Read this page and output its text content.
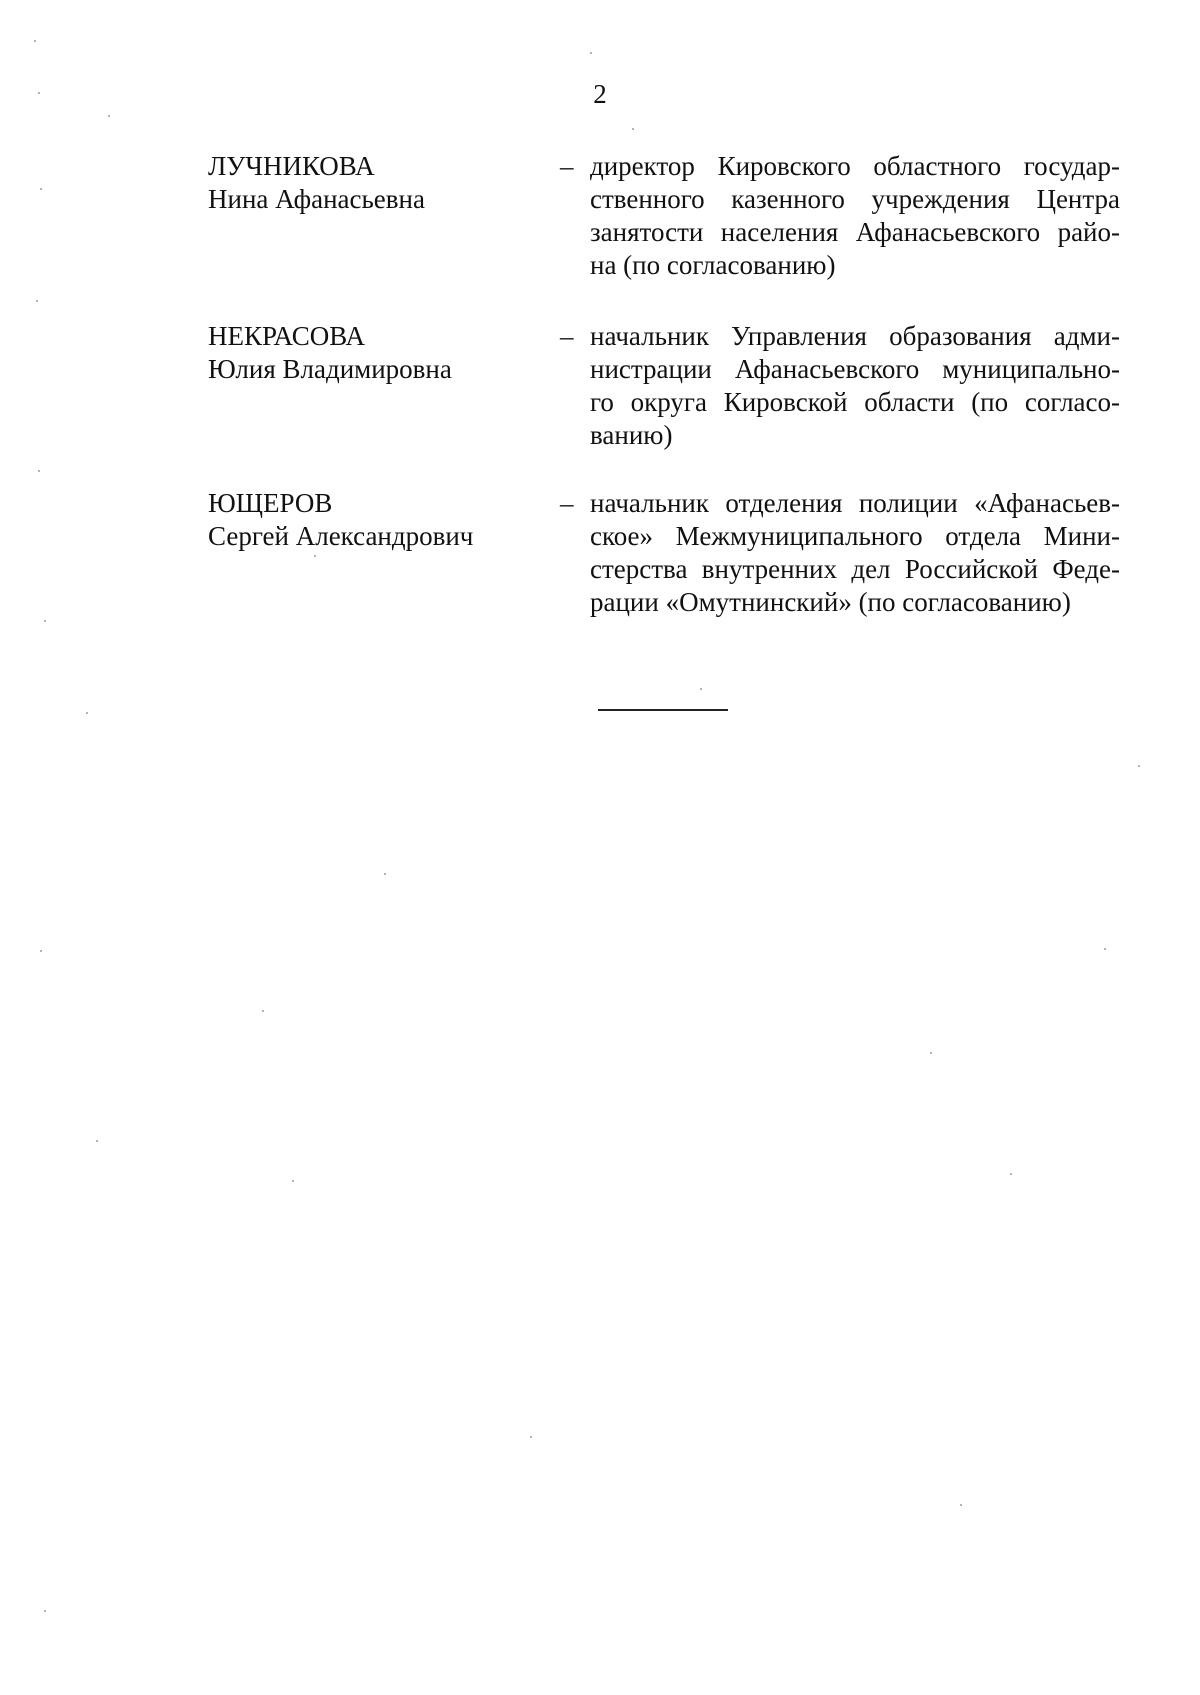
2
ЛУЧНИКОВА
Нина Афанасьевна
– директор Кировского областного государ-
ственного казенного учреждения Центра
занятости населения Афанасьевского райо-
на (по согласованию)

НЕКРАСОВА
Юлия Владимировна
– начальник Управления образования адми-
нистрации Афанасьевского муниципально-
го округа Кировской области (по согласо-
ванию)

ЮЩЕРОВ
Сергей Александрович
– начальник отделения полиции «Афанасьев-
ское» Межмуниципального отдела Мини-
стерства внутренних дел Российской Феде-
рации «Омутнинский» (по согласованию)
